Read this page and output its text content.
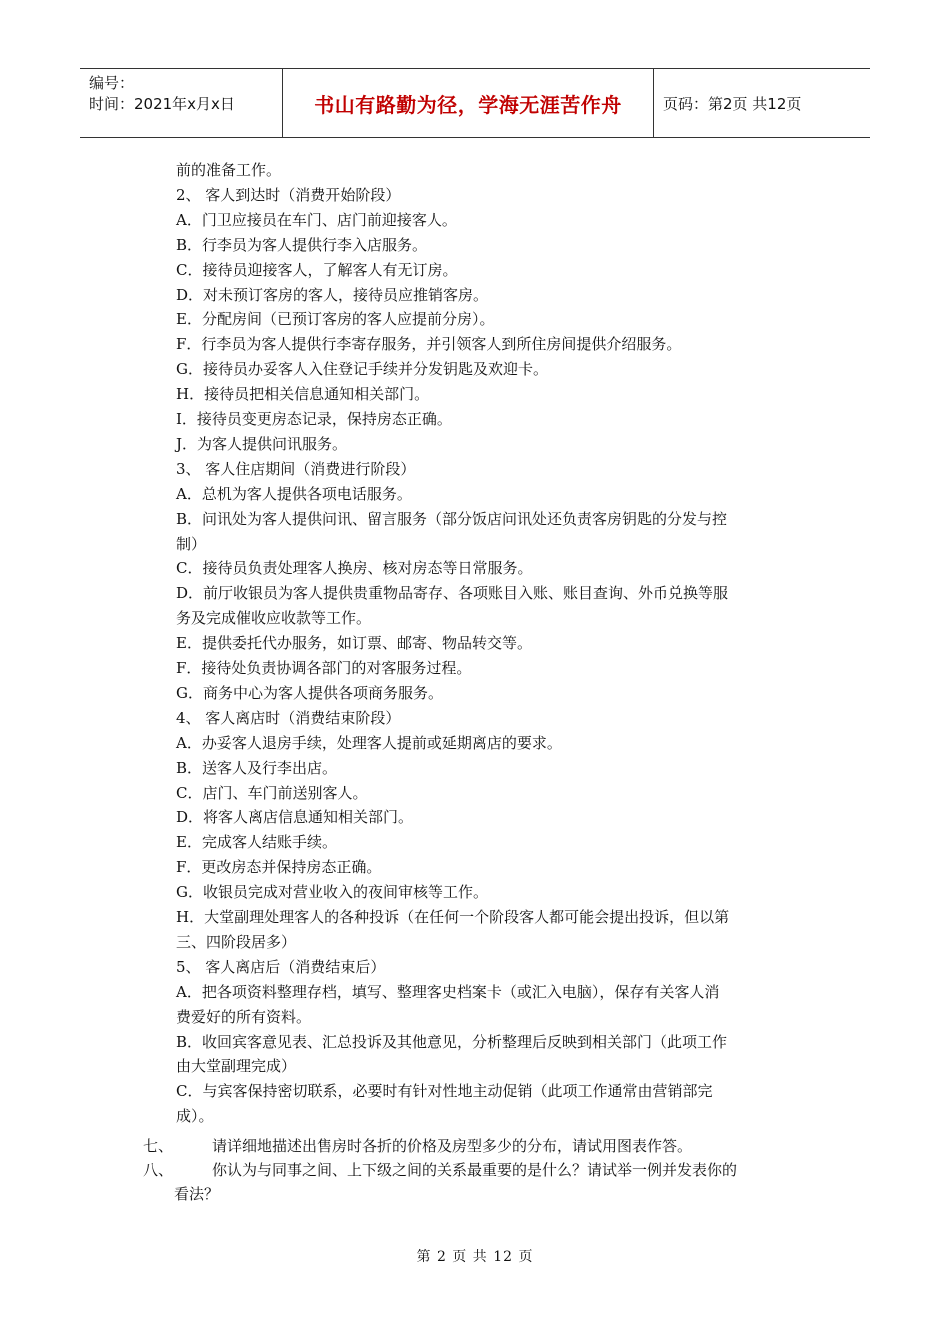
编号：
时间：2021年x月x日	书山有路勤为径，学海无涯苦作舟	页码：第2页 共12页
前的准备工作。
2、 客人到达时（消费开始阶段）
A．门卫应接员在车门、店门前迎接客人。
B．行李员为客人提供行李入店服务。
C．接待员迎接客人，了解客人有无订房。
D．对未预订客房的客人，接待员应推销客房。
E．分配房间（已预订客房的客人应提前分房）。
F．行李员为客人提供行李寄存服务，并引领客人到所住房间提供介绍服务。
G．接待员办妥客人入住登记手续并分发钥匙及欢迎卡。
H．接待员把相关信息通知相关部门。
I．接待员变更房态记录，保持房态正确。
J．为客人提供问讯服务。
3、 客人住店期间（消费进行阶段）
A．总机为客人提供各项电话服务。
B．问讯处为客人提供问讯、留言服务（部分饭店问讯处还负责客房钥匙的分发与控
制）
C．接待员负责处理客人换房、核对房态等日常服务。
D．前厅收银员为客人提供贵重物品寄存、各项账目入账、账目查询、外币兑换等服
务及完成催收应收款等工作。
E．提供委托代办服务，如订票、邮寄、物品转交等。
F．接待处负责协调各部门的对客服务过程。
G．商务中心为客人提供各项商务服务。
4、 客人离店时（消费结束阶段）
A．办妥客人退房手续，处理客人提前或延期离店的要求。
B．送客人及行李出店。
C．店门、车门前送别客人。
D．将客人离店信息通知相关部门。
E．完成客人结账手续。
F．更改房态并保持房态正确。
G．收银员完成对营业收入的夜间审核等工作。
H．大堂副理处理客人的各种投诉（在任何一个阶段客人都可能会提出投诉，但以第
三、四阶段居多）
5、 客人离店后（消费结束后）
A．把各项资料整理存档，填写、整理客史档案卡（或汇入电脑），保存有关客人消
费爱好的所有资料。
B．收回宾客意见表、汇总投诉及其他意见，分析整理后反映到相关部门（此项工作
由大堂副理完成）
C．与宾客保持密切联系，必要时有针对性地主动促销（此项工作通常由营销部完
成）。
七、	请详细地描述出售房时各折的价格及房型多少的分布，请试用图表作答。
八、	你认为与同事之间、上下级之间的关系最重要的是什么？请试举一例并发表你的
看法？
第 2 页 共 12 页
